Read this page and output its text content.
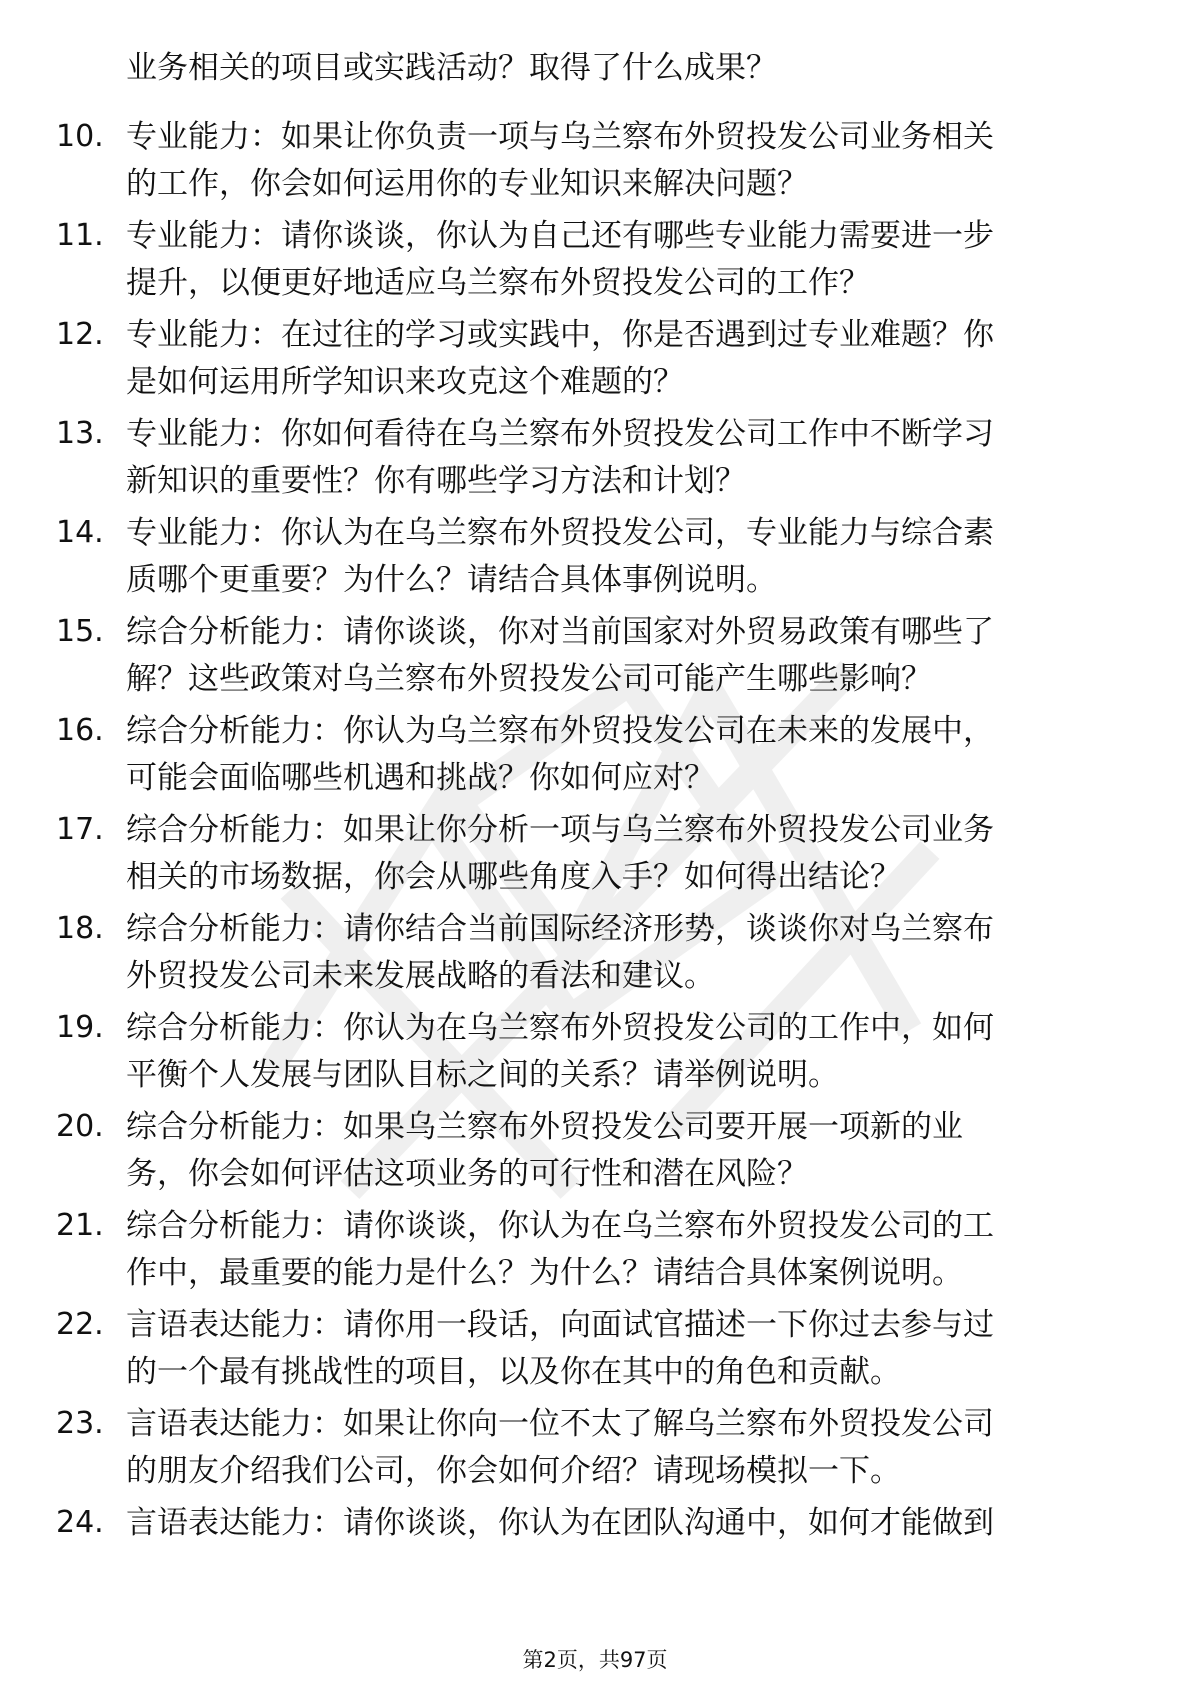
业务相关的项目或实践活动？取得了什么成果？
10. 专业能力：如果让你负责一项与乌兰察布外贸投发公司业务相关
的工作，你会如何运用你的专业知识来解决问题？
11. 专业能力：请你谈谈，你认为自己还有哪些专业能力需要进一步
提升，以便更好地适应乌兰察布外贸投发公司的工作？
12. 专业能力：在过往的学习或实践中，你是否遇到过专业难题？你
是如何运用所学知识来攻克这个难题的？
13. 专业能力：你如何看待在乌兰察布外贸投发公司工作中不断学习
新知识的重要性？你有哪些学习方法和计划？
14. 专业能力：你认为在乌兰察布外贸投发公司，专业能力与综合素
质哪个更重要？为什么？请结合具体事例说明。
15. 综合分析能力：请你谈谈，你对当前国家对外贸易政策有哪些了
解？这些政策对乌兰察布外贸投发公司可能产生哪些影响？
16. 综合分析能力：你认为乌兰察布外贸投发公司在未来的发展中，
可能会面临哪些机遇和挑战？你如何应对？
17. 综合分析能力：如果让你分析一项与乌兰察布外贸投发公司业务
相关的市场数据，你会从哪些角度入手？如何得出结论？
18. 综合分析能力：请你结合当前国际经济形势，谈谈你对乌兰察布
外贸投发公司未来发展战略的看法和建议。
19. 综合分析能力：你认为在乌兰察布外贸投发公司的工作中，如何
平衡个人发展与团队目标之间的关系？请举例说明。
20. 综合分析能力：如果乌兰察布外贸投发公司要开展一项新的业
务，你会如何评估这项业务的可行性和潜在风险？
21. 综合分析能力：请你谈谈，你认为在乌兰察布外贸投发公司的工
作中，最重要的能力是什么？为什么？请结合具体案例说明。
22. 言语表达能力：请你用一段话，向面试官描述一下你过去参与过
的一个最有挑战性的项目，以及你在其中的角色和贡献。
23. 言语表达能力：如果让你向一位不太了解乌兰察布外贸投发公司
的朋友介绍我们公司，你会如何介绍？请现场模拟一下。
24. 言语表达能力：请你谈谈，你认为在团队沟通中，如何才能做到
第2页，共97页
